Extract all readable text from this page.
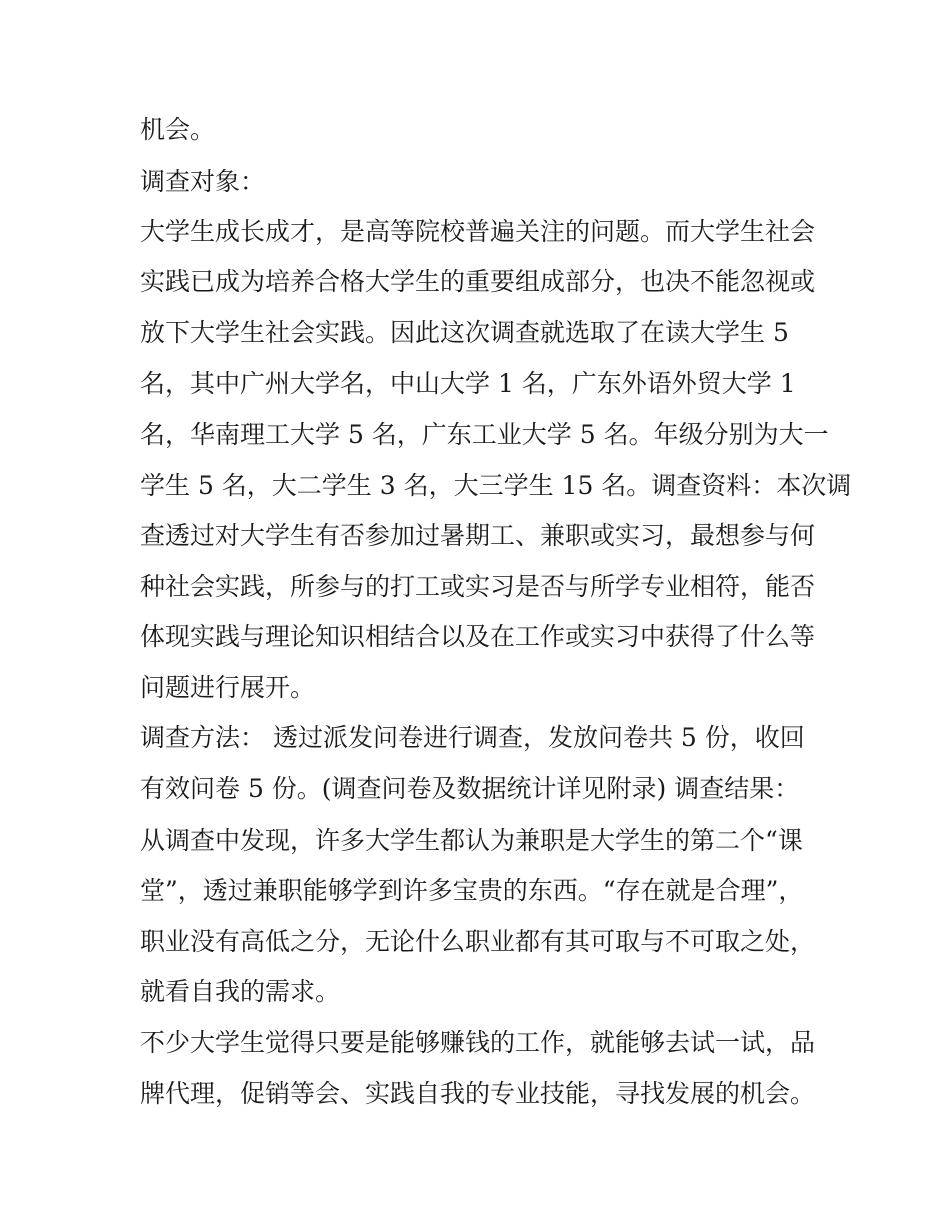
机会。
调查对象：
大学生成长成才，是高等院校普遍关注的问题。而大学生社会
实践已成为培养合格大学生的重要组成部分，也决不能忽视或
放下大学生社会实践。因此这次调查就选取了在读大学生 5
名，其中广州大学名，中山大学 1 名，广东外语外贸大学 1
名，华南理工大学 5 名，广东工业大学 5 名。年级分别为大一
学生 5 名，大二学生 3 名，大三学生 15 名。调查资料：本次调
查透过对大学生有否参加过暑期工、兼职或实习，最想参与何
种社会实践，所参与的打工或实习是否与所学专业相符，能否
体现实践与理论知识相结合以及在工作或实习中获得了什么等
问题进行展开。
调查方法： 透过派发问卷进行调查，发放问卷共 5 份，收回
有效问卷 5 份。(调查问卷及数据统计详见附录) 调查结果：
从调查中发现，许多大学生都认为兼职是大学生的第二个“课
堂”，透过兼职能够学到许多宝贵的东西。“存在就是合理”，
职业没有高低之分，无论什么职业都有其可取与不可取之处，
就看自我的需求。
不少大学生觉得只要是能够赚钱的工作，就能够去试一试，品
牌代理，促销等会、实践自我的专业技能，寻找发展的机会。
